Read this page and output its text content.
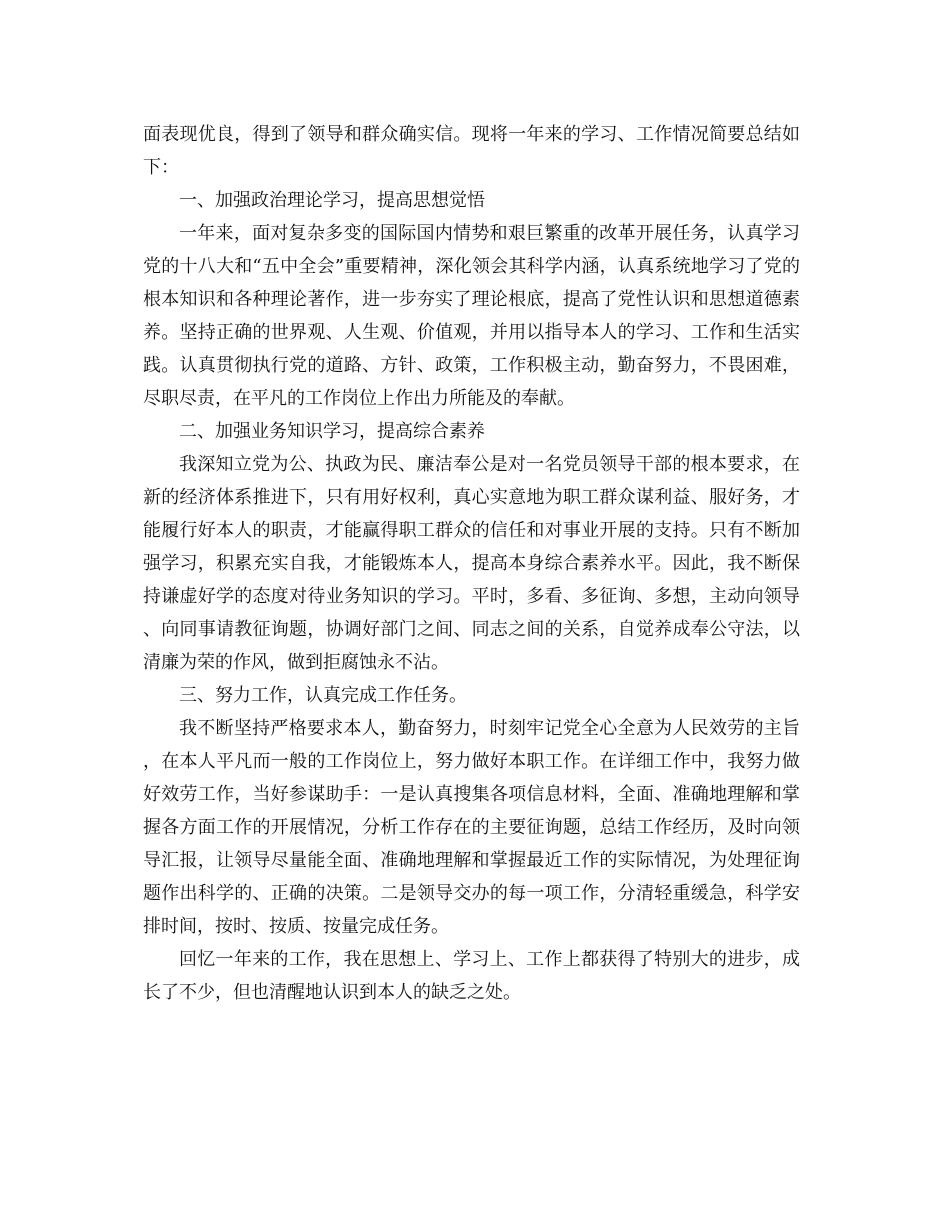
面表现优良，得到了领导和群众确实信。现将一年来的学习、工作情况简要总结如下：

一、加强政治理论学习，提高思想觉悟

一年来，面对复杂多变的国际国内情势和艰巨繁重的改革开展任务，认真学习党的十八大和“五中全会”重要精神，深化领会其科学内涵，认真系统地学习了党的根本知识和各种理论著作，进一步夯实了理论根底，提高了党性认识和思想道德素养。坚持正确的世界观、人生观、价值观，并用以指导本人的学习、工作和生活实践。认真贯彻执行党的道路、方针、政策，工作积极主动，勤奋努力，不畏困难，尽职尽责，在平凡的工作岗位上作出力所能及的奉献。

二、加强业务知识学习，提高综合素养

我深知立党为公、执政为民、廉洁奉公是对一名党员领导干部的根本要求，在新的经济体系推进下，只有用好权利，真心实意地为职工群众谋利益、服好务，才能履行好本人的职责，才能赢得职工群众的信任和对事业开展的支持。只有不断加强学习，积累充实自我，才能锻炼本人，提高本身综合素养水平。因此，我不断保持谦虚好学的态度对待业务知识的学习。平时，多看、多征询、多想，主动向领导、向同事请教征询题，协调好部门之间、同志之间的关系，自觉养成奉公守法，以清廉为荣的作风，做到拒腐蚀永不沾。

三、努力工作，认真完成工作任务。

我不断坚持严格要求本人，勤奋努力，时刻牢记党全心全意为人民效劳的主旨，在本人平凡而一般的工作岗位上，努力做好本职工作。在详细工作中，我努力做好效劳工作，当好参谋助手：一是认真搜集各项信息材料，全面、准确地理解和掌握各方面工作的开展情况，分析工作存在的主要征询题，总结工作经历，及时向领导汇报，让领导尽量能全面、准确地理解和掌握最近工作的实际情况，为处理征询题作出科学的、正确的决策。二是领导交办的每一项工作，分清轻重缓急，科学安排时间，按时、按质、按量完成任务。

回忆一年来的工作，我在思想上、学习上、工作上都获得了特别大的进步，成长了不少，但也清醒地认识到本人的缺乏之处。
